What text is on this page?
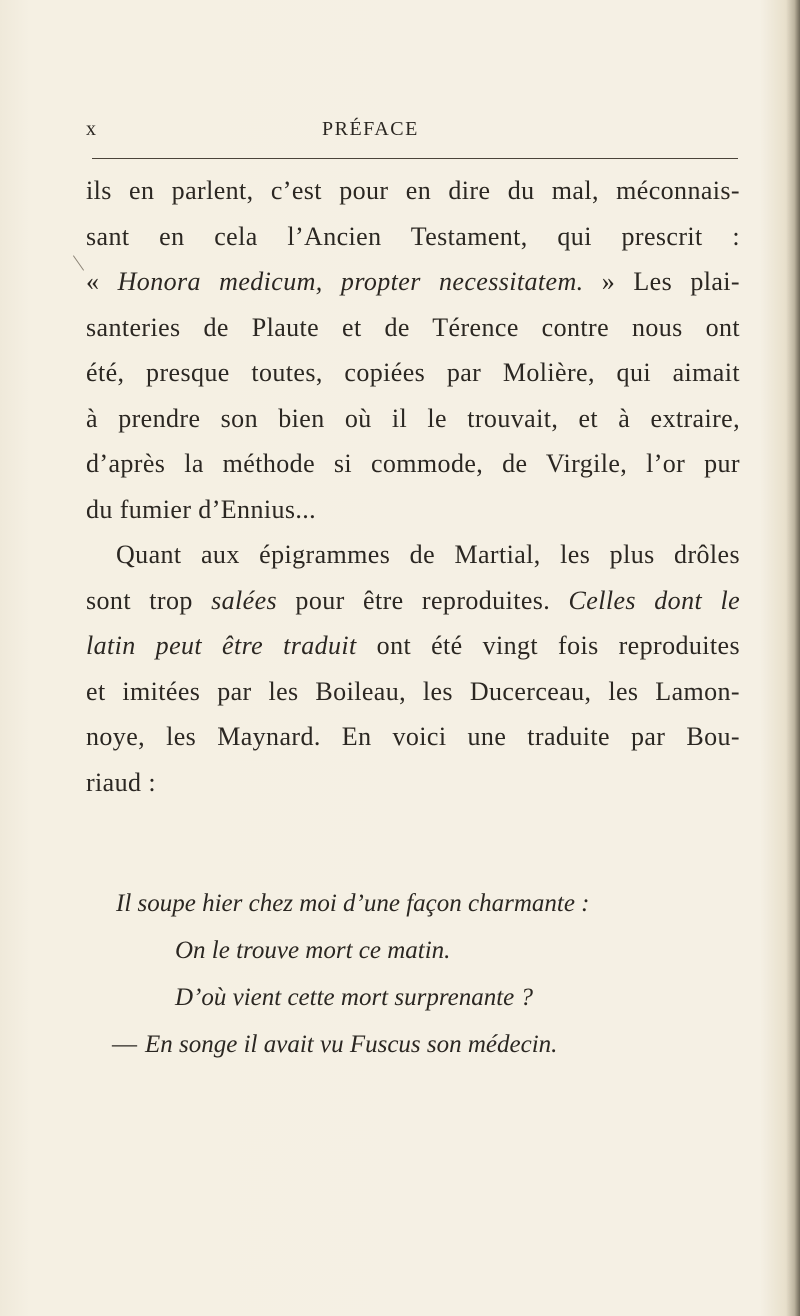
x	PRÉFACE
ils en parlent, c’est pour en dire du mal, méconnais-
sant en cela l’Ancien Testament, qui prescrit :
« Honora medicum, propter necessitatem. » Les plai-
santeries de Plaute et de Térence contre nous ont
été, presque toutes, copiées par Molière, qui aimait
à prendre son bien où il le trouvait, et à extraire,
d’après la méthode si commode, de Virgile, l’or pur
du fumier d’Ennius...
Quant aux épigrammes de Martial, les plus drôles
sont trop salées pour être reproduites. Celles dont le
latin peut être traduit ont été vingt fois reproduites
et imitées par les Boileau, les Ducerceau, les Lamon-
noye, les Maynard. En voici une traduite par Bou-
riaud :
Il soupe hier chez moi d’une façon charmante :
On le trouve mort ce matin.
D’où vient cette mort surprenante ?
— En songe il avait vu Fuscus son médecin.
